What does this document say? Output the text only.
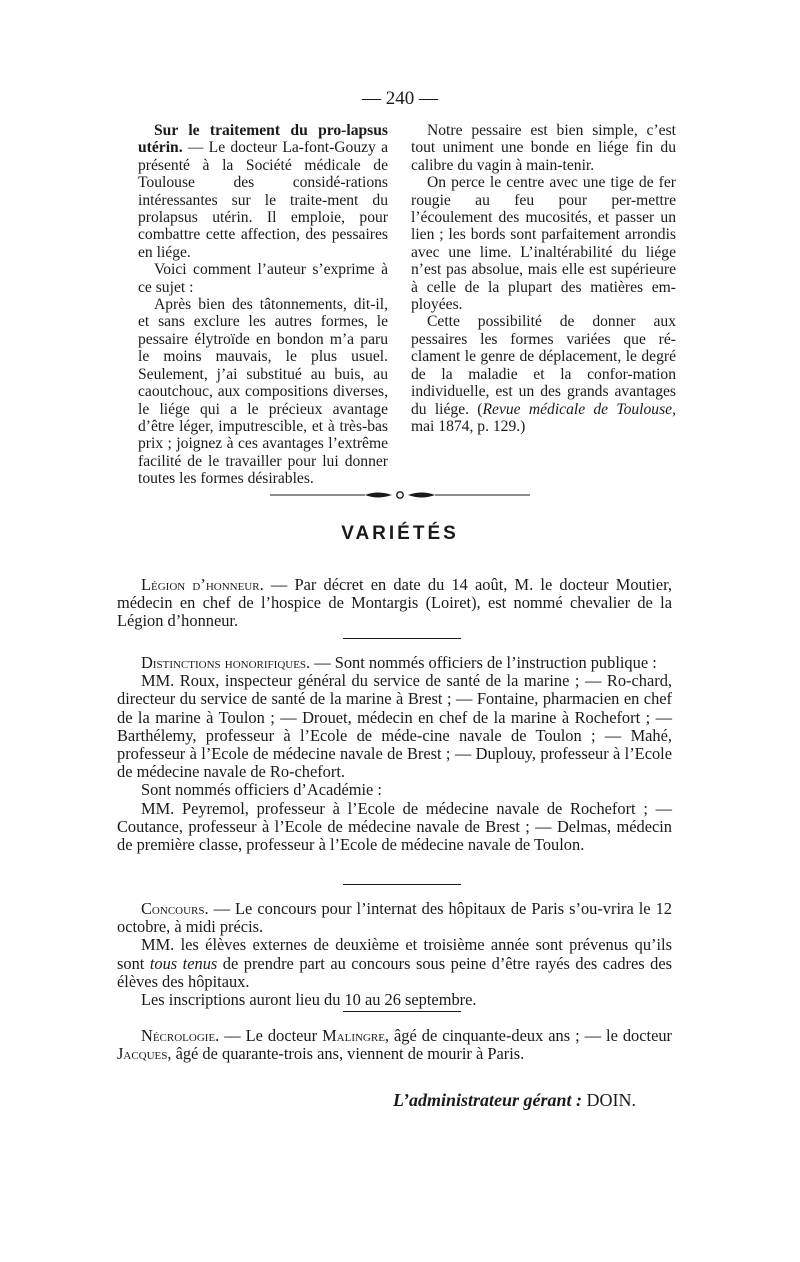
— 240 —

Sur le traitement du pro-lapsus utérin. — Le docteur La-font-Gouzy a présenté à la Société médicale de Toulouse des considé-rations intéressantes sur le traite-ment du prolapsus utérin. Il emploie, pour combattre cette affection, des pessaires en liége.

Voici comment l’auteur s’exprime à ce sujet :

Après bien des tâtonnements, dit-il, et sans exclure les autres formes, le pessaire élytroïde en bondon m’a paru le moins mauvais, le plus usuel. Seulement, j’ai substitué au buis, au caoutchouc, aux compositions diverses, le liége qui a le précieux avantage d’être léger, imputrescible, et à très-bas prix ; joignez à ces avantages l’extrême facilité de le travailler pour lui donner toutes les formes désirables.

Notre pessaire est bien simple, c’est tout uniment une bonde en liége fin du calibre du vagin à main-tenir.

On perce le centre avec une tige de fer rougie au feu pour per-mettre l’écoulement des mucosités, et passer un lien ; les bords sont parfaitement arrondis avec une lime. L’inaltérabilité du liége n’est pas absolue, mais elle est supérieure à celle de la plupart des matières em-ployées.

Cette possibilité de donner aux pessaires les formes variées que ré-clament le genre de déplacement, le degré de la maladie et la confor-mation individuelle, est un des grands avantages du liége. (Revue médicale de Toulouse, mai 1874, p. 129.)

VARIÉTÉS

Légion d’honneur. — Par décret en date du 14 août, M. le docteur Moutier, médecin en chef de l’hospice de Montargis (Loiret), est nommé chevalier de la Légion d’honneur.

Distinctions honorifiques. — Sont nommés officiers de l’instruction publique :

MM. Roux, inspecteur général du service de santé de la marine ; — Ro-chard, directeur du service de santé de la marine à Brest ; — Fontaine, pharmacien en chef de la marine à Toulon ; — Drouet, médecin en chef de la marine à Rochefort ; — Barthélemy, professeur à l’Ecole de méde-cine navale de Toulon ; — Mahé, professeur à l’Ecole de médecine navale de Brest ; — Duplouy, professeur à l’Ecole de médecine navale de Ro-chefort.

Sont nommés officiers d’Académie :

MM. Peyremol, professeur à l’Ecole de médecine navale de Rochefort ; — Coutance, professeur à l’Ecole de médecine navale de Brest ; — Delmas, médecin de première classe, professeur à l’Ecole de médecine navale de Toulon.

Concours. — Le concours pour l’internat des hôpitaux de Paris s’ou-vrira le 12 octobre, à midi précis.

MM. les élèves externes de deuxième et troisième année sont prévenus qu’ils sont tous tenus de prendre part au concours sous peine d’être rayés des cadres des élèves des hôpitaux.

Les inscriptions auront lieu du 10 au 26 septembre.

Nécrologie. — Le docteur Malingre, âgé de cinquante-deux ans ; — le docteur Jacques, âgé de quarante-trois ans, viennent de mourir à Paris.

L’administrateur gérant : DOIN.
